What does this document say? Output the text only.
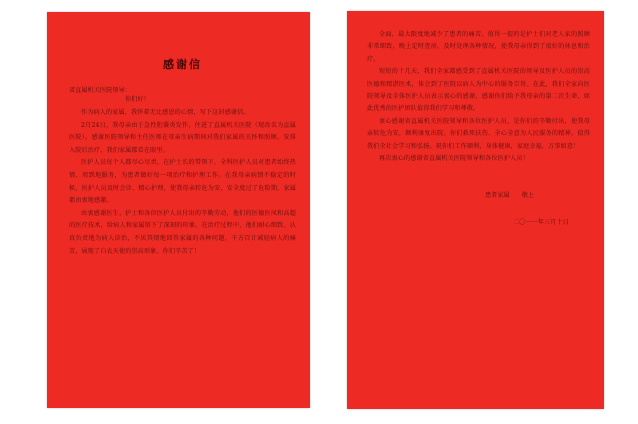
感谢信
省直属机关医院领导：
你们好！

作为病人的家属，我怀着无比感恩的心情，写下这封感谢信。

2月24日，我母亲由于急性胆囊炎发作，住进了直属机关医院（现改名为直属医院）。感谢医院领导和主任医师在母亲生病期间对我们家属的关怀和照顾，安排入院后治疗，我们家属都看在眼里。

医护人员每个人都尽心尽责，在护士长的带领下，全科医护人员对患者始终热情、周到地服务，为患者做好每一项治疗和护理工作。在我母亲病情不稳定的时候，医护人员及时会诊、精心护理，使我母亲转危为安，安全度过了危险期，家属都由衷地感激。

由衷感谢医生、护士和各位医护人员付出的辛勤劳动，他们的医德医风和高超的医疗技术，给病人和家属留下了深刻的印象。在治疗过程中，他们耐心细致、认真负责地为病人诊治，不厌其烦地回答家属的各种问题，千方百计减轻病人的痛苦，展现了白衣天使的崇高形象。你们辛苦了！

全面，最大限度地减少了患者的痛苦。值得一提的是护士们对老人家的照顾非常细致，晚上定时查房，及时处理各种情况，使我母亲得到了很好的休息和治疗。

短短的十几天，我们全家都感受到了直属机关医院的领导及医护人员的崇高医德和精湛医术，体会到了医院以病人为中心的服务宗旨。在此，我们全家向医院领导及全体医护人员表示衷心的感谢，感谢你们给予我母亲的第二次生命，如此优秀的医护团队值得我们学习和尊敬。

衷心感谢省直属机关医院领导和各位医护人员，是你们的辛勤付出，使我母亲转危为安，顺利康复出院。你们救死扶伤、全心全意为人民服务的精神，值得我们全社会学习和弘扬。祝你们工作顺利，身体健康，家庭幸福，万事如意！

再次衷心的感谢省直属机关医院领导和各位医护人员！

患者家属 敬上
二〇一一年三月十日
